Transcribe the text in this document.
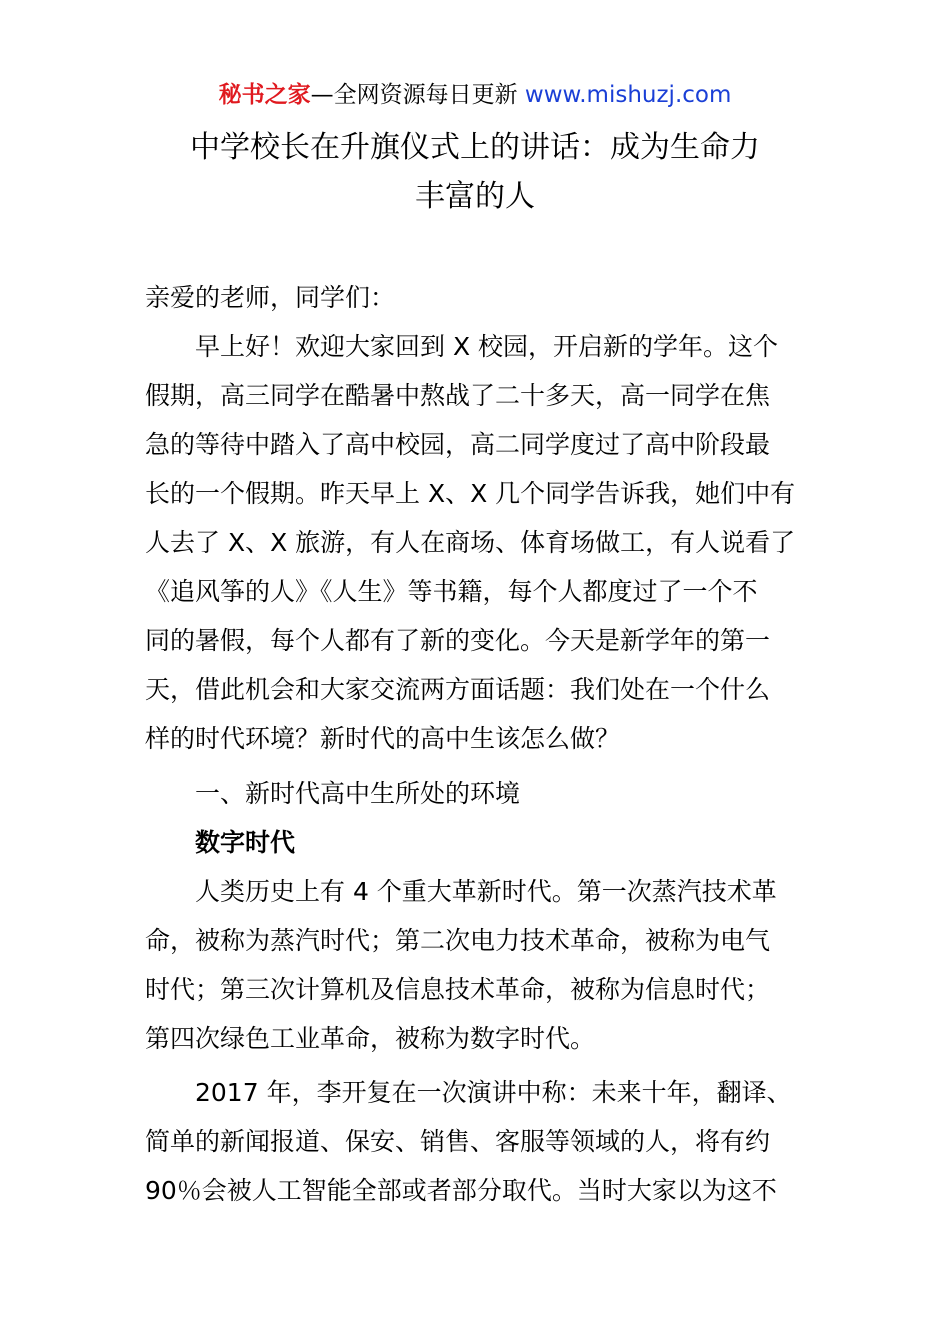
秘书之家—全网资源每日更新 www.mishuzj.com
中学校长在升旗仪式上的讲话：成为生命力
丰富的人
亲爱的老师，同学们：
早上好！欢迎大家回到 X 校园，开启新的学年。这个
假期，高三同学在酷暑中熬战了二十多天，高一同学在焦
急的等待中踏入了高中校园，高二同学度过了高中阶段最
长的一个假期。昨天早上 X、X 几个同学告诉我，她们中有
人去了 X、X 旅游，有人在商场、体育场做工，有人说看了
《追风筝的人》《人生》等书籍，每个人都度过了一个不
同的暑假，每个人都有了新的变化。今天是新学年的第一
天，借此机会和大家交流两方面话题：我们处在一个什么
样的时代环境？新时代的高中生该怎么做？
一、新时代高中生所处的环境
数字时代
人类历史上有 4 个重大革新时代。第一次蒸汽技术革
命，被称为蒸汽时代；第二次电力技术革命，被称为电气
时代；第三次计算机及信息技术革命，被称为信息时代；
第四次绿色工业革命，被称为数字时代。
2017 年，李开复在一次演讲中称：未来十年，翻译、
简单的新闻报道、保安、销售、客服等领域的人，将有约
90％会被人工智能全部或者部分取代。当时大家以为这不
